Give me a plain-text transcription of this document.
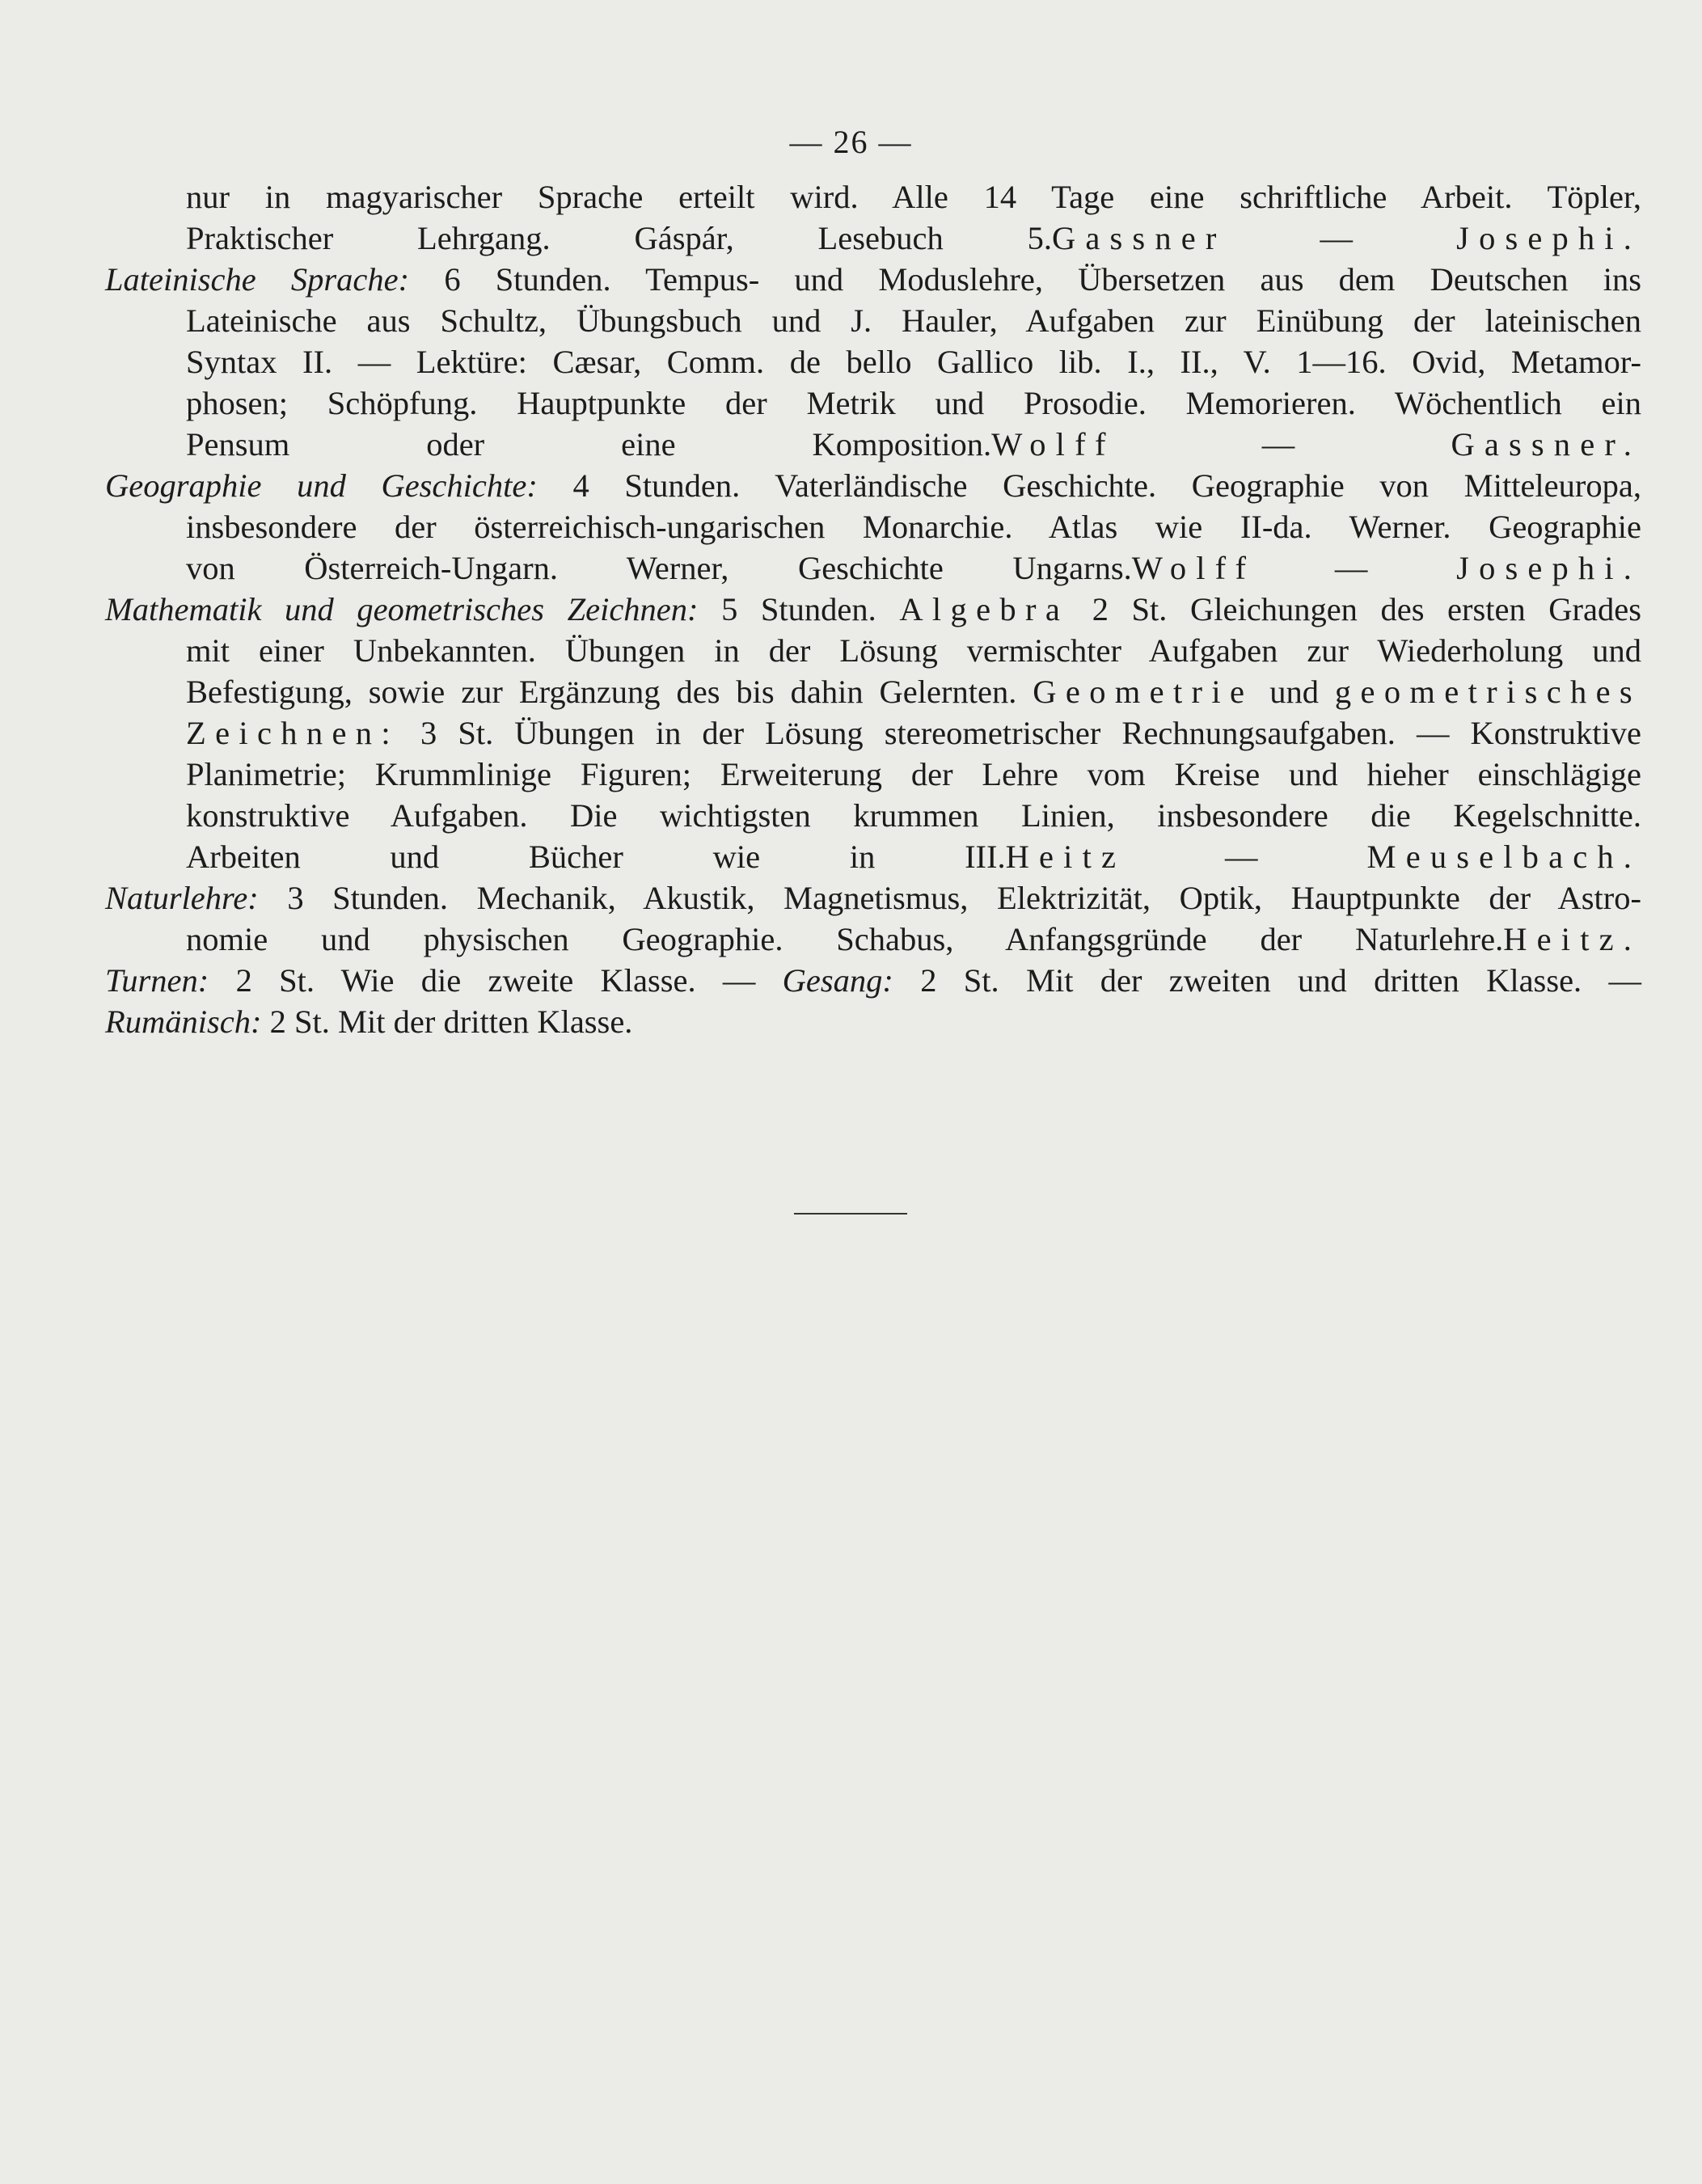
— 26 —
nur in magyarischer Sprache erteilt wird. Alle 14 Tage eine schriftliche Arbeit. Töpler,
Praktischer Lehrgang. Gáspár, Lesebuch 5.Gassner — Josephi.
Lateinische Sprache: 6 Stunden. Tempus- und Moduslehre, Übersetzen aus dem Deutschen ins
Lateinische aus Schultz, Übungsbuch und J. Hauler, Aufgaben zur Einübung der lateinischen
Syntax II. — Lektüre: Cæsar, Comm. de bello Gallico lib. I., II., V. 1—16. Ovid, Metamor-
phosen; Schöpfung. Hauptpunkte der Metrik und Prosodie. Memorieren. Wöchentlich ein
Pensum oder eine Komposition.Wolff — Gassner.
Geographie und Geschichte: 4 Stunden. Vaterländische Geschichte. Geographie von Mitteleuropa,
insbesondere der österreichisch-ungarischen Monarchie. Atlas wie II-da. Werner. Geographie
von Österreich-Ungarn. Werner, Geschichte Ungarns.Wolff — Josephi.
Mathematik und geometrisches Zeichnen: 5 Stunden. Algebra 2 St. Gleichungen des ersten Grades
mit einer Unbekannten. Übungen in der Lösung vermischter Aufgaben zur Wiederholung und
Befestigung, sowie zur Ergänzung des bis dahin Gelernten. Geometrie und geometrisches
Zeichnen: 3 St. Übungen in der Lösung stereometrischer Rechnungsaufgaben. — Konstruktive
Planimetrie; Krummlinige Figuren; Erweiterung der Lehre vom Kreise und hieher einschlägige
konstruktive Aufgaben. Die wichtigsten krummen Linien, insbesondere die Kegelschnitte.
Arbeiten und Bücher wie in III.Heitz — Meuselbach.
Naturlehre: 3 Stunden. Mechanik, Akustik, Magnetismus, Elektrizität, Optik, Hauptpunkte der Astro-
nomie und physischen Geographie. Schabus, Anfangsgründe der Naturlehre.Heitz.
Turnen: 2 St. Wie die zweite Klasse. — Gesang: 2 St. Mit der zweiten und dritten Klasse. —
Rumänisch: 2 St. Mit der dritten Klasse.
